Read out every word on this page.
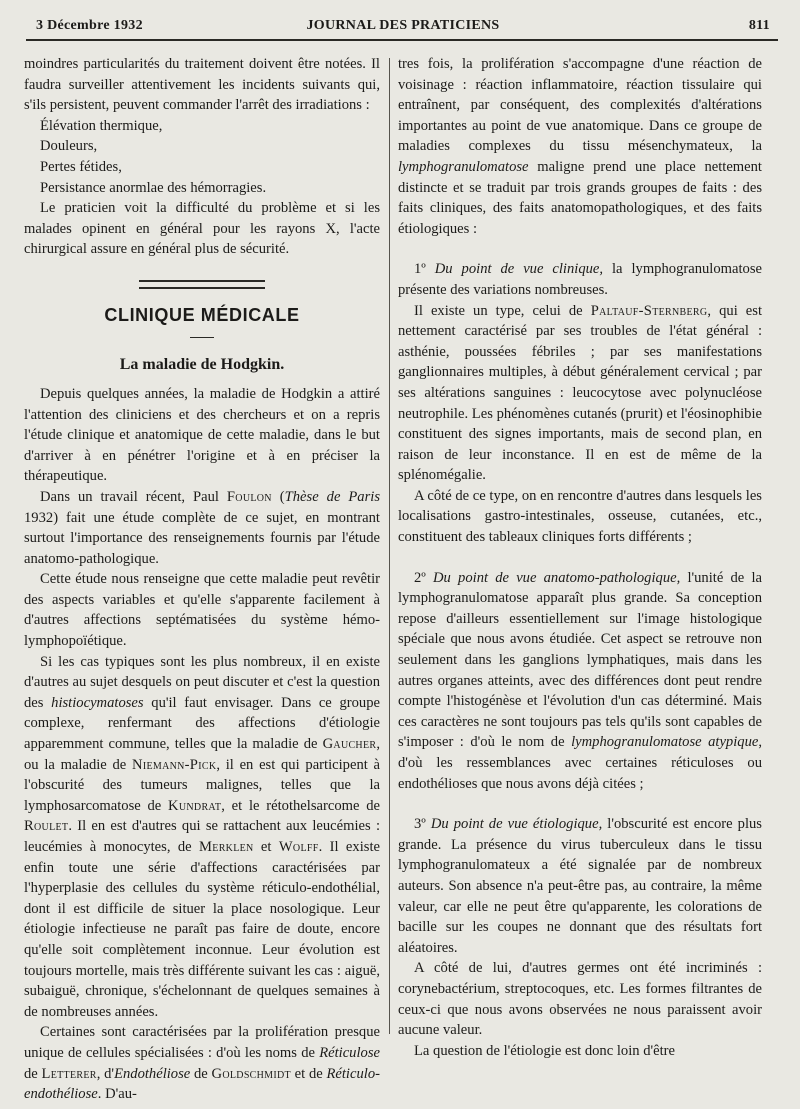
3 Décembre 1932	JOURNAL DES PRATICIENS	811

moindres particularités du traitement doivent être notées. Il faudra surveiller attentivement les incidents suivants qui, s'ils persistent, peuvent commander l'arrêt des irradiations :

Élévation thermique,

Douleurs,

Pertes fétides,

Persistance anormlae des hémorragies.

Le praticien voit la difficulté du problème et si les malades opinent en général pour les rayons X, l'acte chirurgical assure en général plus de sécurité.

CLINIQUE MÉDICALE
La maladie de Hodgkin.

Depuis quelques années, la maladie de Hodgkin a attiré l'attention des cliniciens et des chercheurs et on a repris l'étude clinique et anatomique de cette maladie, dans le but d'arriver à en pénétrer l'origine et à en préciser la thérapeutique.

Dans un travail récent, Paul Foulon (Thèse de Paris 1932) fait une étude complète de ce sujet, en montrant surtout l'importance des renseignements fournis par l'étude anatomo-pathologique.

Cette étude nous renseigne que cette maladie peut revêtir des aspects variables et qu'elle s'apparente facilement à d'autres affections septématisées du système hémo-lymphopoïétique.

Si les cas typiques sont les plus nombreux, il en existe d'autres au sujet desquels on peut discuter et c'est la question des histiocymatoses qu'il faut envisager. Dans ce groupe complexe, renfermant des affections d'étiologie apparemment commune, telles que la maladie de Gaucher, ou la maladie de Niemann-Pick, il en est qui participent à l'obscurité des tumeurs malignes, telles que la lymphosarcomatose de Kundrat, et le rétothelsarcome de Roulet. Il en est d'autres qui se rattachent aux leucémies : leucémies à monocytes, de Merklen et Wolff. Il existe enfin toute une série d'affections caractérisées par l'hyperplasie des cellules du système réticulo-endothélial, dont il est difficile de situer la place nosologique. Leur étiologie infectieuse ne paraît pas faire de doute, encore qu'elle soit complètement inconnue. Leur évolution est toujours mortelle, mais très différente suivant les cas : aiguë, subaiguë, chronique, s'échelonnant de quelques semaines à de nombreuses années.

Certaines sont caractérisées par la prolifération presque unique de cellules spécialisées : d'où les noms de Réticulose de Letterer, d'Endothéliose de Goldschmidt et de Réticulo-endothéliose. D'au-

tres fois, la prolifération s'accompagne d'une réaction de voisinage : réaction inflammatoire, réaction tissulaire qui entraînent, par conséquent, des complexités d'altérations importantes au point de vue anatomique. Dans ce groupe de maladies complexes du tissu mésenchymateux, la lymphogranulomatose maligne prend une place nettement distincte et se traduit par trois grands groupes de faits : des faits cliniques, des faits anatomopathologiques, et des faits étiologiques :

1º Du point de vue clinique, la lymphogranulomatose présente des variations nombreuses.

Il existe un type, celui de Paltauf-Sternberg, qui est nettement caractérisé par ses troubles de l'état général : asthénie, poussées fébriles ; par ses manifestations ganglionnaires multiples, à début généralement cervical ; par ses altérations sanguines : leucocytose avec polynucléose neutrophile. Les phénomènes cutanés (prurit) et l'éosinophibie constituent des signes importants, mais de second plan, en raison de leur inconstance. Il en est de même de la splénomégalie.

A côté de ce type, on en rencontre d'autres dans lesquels les localisations gastro-intestinales, osseuse, cutanées, etc., constituent des tableaux cliniques forts différents ;

2º Du point de vue anatomo-pathologique, l'unité de la lymphogranulomatose apparaît plus grande. Sa conception repose d'ailleurs essentiellement sur l'image histologique spéciale que nous avons étudiée. Cet aspect se retrouve non seulement dans les ganglions lymphatiques, mais dans les autres organes atteints, avec des différences dont peut rendre compte l'histogénèse et l'évolution d'un cas déterminé. Mais ces caractères ne sont toujours pas tels qu'ils sont capables de s'imposer : d'où le nom de lymphogranulomatose atypique, d'où les ressemblances avec certaines réticuloses ou endothélioses que nous avons déjà citées ;

3º Du point de vue étiologique, l'obscurité est encore plus grande. La présence du virus tuberculeux dans le tissu lymphogranulomateux a été signalée par de nombreux auteurs. Son absence n'a peut-être pas, au contraire, la même valeur, car elle ne peut être qu'apparente, les colorations de bacille sur les coupes ne donnant que des résultats fort aléatoires.

A côté de lui, d'autres germes ont été incriminés : corynebactérium, streptocoques, etc. Les formes filtrantes de ceux-ci que nous avons observées ne nous paraissent avoir aucune valeur.

La question de l'étiologie est donc loin d'être
